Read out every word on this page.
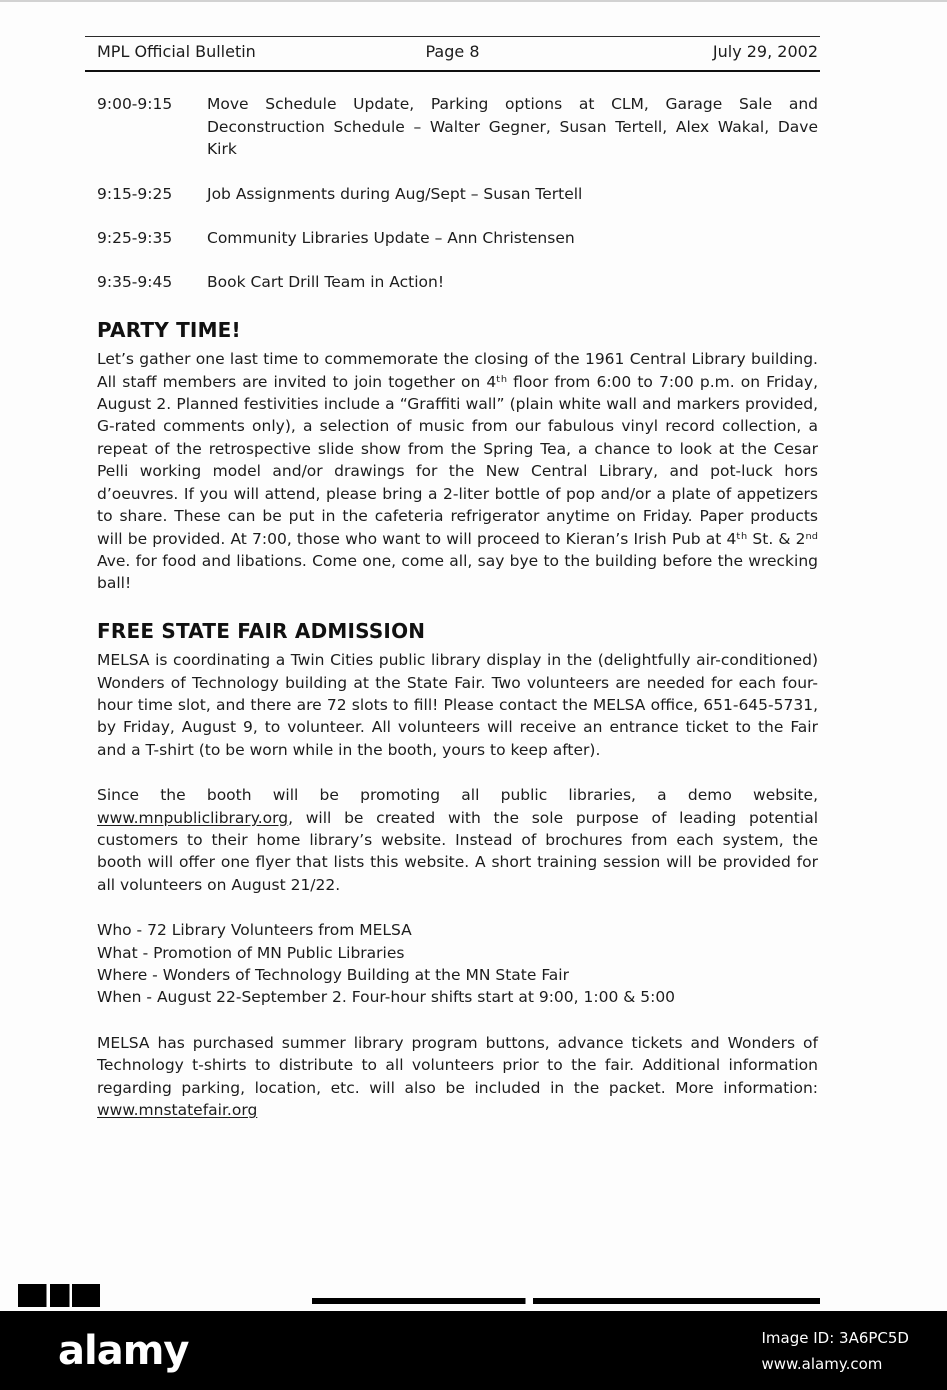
MPL Official Bulletin	Page 8	July 29, 2002
9:00-9:15	Move Schedule Update, Parking options at CLM, Garage Sale and Deconstruction Schedule – Walter Gegner, Susan Tertell, Alex Wakal, Dave Kirk
9:15-9:25	Job Assignments during Aug/Sept – Susan Tertell
9:25-9:35	Community Libraries Update – Ann Christensen
9:35-9:45	Book Cart Drill Team in Action!
PARTY TIME!

Let’s gather one last time to commemorate the closing of the 1961 Central Library building. All staff members are invited to join together on 4ᵗʰ floor from 6:00 to 7:00 p.m. on Friday, August 2. Planned festivities include a “Graffiti wall” (plain white wall and markers provided, G-rated comments only), a selection of music from our fabulous vinyl record collection, a repeat of the retrospective slide show from the Spring Tea, a chance to look at the Cesar Pelli working model and/or drawings for the New Central Library, and pot-luck hors d’oeuvres. If you will attend, please bring a 2-liter bottle of pop and/or a plate of appetizers to share. These can be put in the cafeteria refrigerator anytime on Friday. Paper products will be provided. At 7:00, those who want to will proceed to Kieran’s Irish Pub at 4ᵗʰ St. & 2ⁿᵈ Ave. for food and libations. Come one, come all, say bye to the building before the wrecking ball!

FREE STATE FAIR ADMISSION

MELSA is coordinating a Twin Cities public library display in the (delightfully air-conditioned) Wonders of Technology building at the State Fair. Two volunteers are needed for each four-hour time slot, and there are 72 slots to fill! Please contact the MELSA office, 651-645-5731, by Friday, August 9, to volunteer. All volunteers will receive an entrance ticket to the Fair and a T-shirt (to be worn while in the booth, yours to keep after).

Since the booth will be promoting all public libraries, a demo website, www.mnpubliclibrary.org, will be created with the sole purpose of leading potential customers to their home library’s website. Instead of brochures from each system, the booth will offer one flyer that lists this website. A short training session will be provided for all volunteers on August 21/22.

Who - 72 Library Volunteers from MELSA
What - Promotion of MN Public Libraries
Where - Wonders of Technology Building at the MN State Fair
When - August 22-September 2. Four-hour shifts start at 9:00, 1:00 & 5:00

MELSA has purchased summer library program buttons, advance tickets and Wonders of Technology t-shirts to distribute to all volunteers prior to the fair. Additional information regarding parking, location, etc. will also be included in the packet. More information: www.mnstatefair.org

alamy	Image ID: 3A6PC5D
www.alamy.com
